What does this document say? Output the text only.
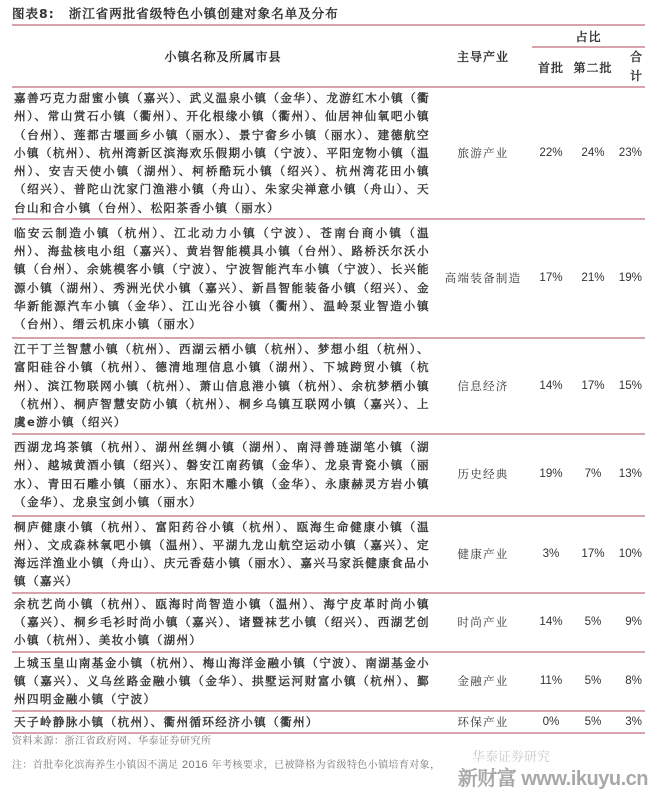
图表8: 浙江省两批省级特色小镇创建对象名单及分布
小镇名称及所属市县	主导产业	占比		
		首批	第二批	合
计
嘉善巧克力甜蜜小镇（嘉兴）、武义温泉小镇（金华）、龙游红木小镇（衢州）、常山赏石小镇（衢州）、开化根缘小镇（衢州）、仙居神仙氧吧小镇（台州）、莲都古堰画乡小镇（丽水）、景宁畲乡小镇（丽水）、建德航空小镇（杭州）、杭州湾新区滨海欢乐假期小镇（宁波）、平阳宠物小镇（温州）、安吉天使小镇（湖州）、柯桥酷玩小镇（绍兴）、杭州湾花田小镇（绍兴）、普陀山沈家门渔港小镇（舟山）、朱家尖禅意小镇（舟山）、天台山和合小镇（台州）、松阳茶香小镇（丽水）	旅游产业	22%	24%	23%
临安云制造小镇（杭州）、江北动力小镇（宁波）、苍南台商小镇（温州）、海盐核电小组（嘉兴）、黄岩智能模具小镇（台州）、路桥沃尔沃小镇（台州）、余姚模客小镇（宁波）、宁波智能汽车小镇（宁波）、长兴能源小镇（湖州）、秀洲光伏小镇（嘉兴）、新昌智能装备小镇（绍兴）、金华新能源汽车小镇（金华）、江山光谷小镇（衢州）、温岭泵业智造小镇（台州）、缙云机床小镇（丽水）	高端装备制造	17%	21%	19%
江干丁兰智慧小镇（杭州）、西湖云栖小镇（杭州）、梦想小组（杭州）、富阳硅谷小镇（杭州）、德清地理信息小镇（湖州）、下城跨贸小镇（杭州）、滨江物联网小镇（杭州）、萧山信息港小镇（杭州）、余杭梦栖小镇（杭州）、桐庐智慧安防小镇（杭州）、桐乡乌镇互联网小镇（嘉兴）、上虞e游小镇（绍兴）	信息经济	14%	17%	15%
西湖龙坞茶镇（杭州）、湖州丝绸小镇（湖州）、南浔善琏湖笔小镇（湖州）、越城黄酒小镇（绍兴）、磐安江南药镇（金华）、龙泉青瓷小镇（丽水）、青田石雕小镇（丽水）、东阳木雕小镇（金华）、永康赫灵方岩小镇（金华）、龙泉宝剑小镇（丽水）	历史经典	19%	7%	13%
桐庐健康小镇（杭州）、富阳药谷小镇（杭州）、瓯海生命健康小镇（温州）、文成森林氧吧小镇（温州）、平湖九龙山航空运动小镇（嘉兴）、定海远洋渔业小镇（舟山）、庆元香菇小镇（丽水）、嘉兴马家浜健康食品小镇（嘉兴）	健康产业	3%	17%	10%
余杭艺尚小镇（杭州）、瓯海时尚智造小镇（温州）、海宁皮革时尚小镇（嘉兴）、桐乡毛衫时尚小镇（嘉兴）、诸暨袜艺小镇（绍兴）、西湖艺创小镇（杭州）、美妆小镇（湖州）	时尚产业	14%	5%	9%
上城玉皇山南基金小镇（杭州）、梅山海洋金融小镇（宁波）、南湖基金小镇（嘉兴）、义乌丝路金融小镇（金华）、拱墅运河财富小镇（杭州）、鄞州四明金融小镇（宁波）	金融产业	11%	5%	8%
天子岭静脉小镇（杭州）、衢州循环经济小镇（衢州）	环保产业	0%	5%	3%
资料来源：浙江省政府网、华泰证券研究所
注：首批奉化滨海养生小镇因不满足 2016 年考核要求，已被降格为省级特色小镇培育对象，
华泰证券研究
新财富 www.ikuyu.cn
